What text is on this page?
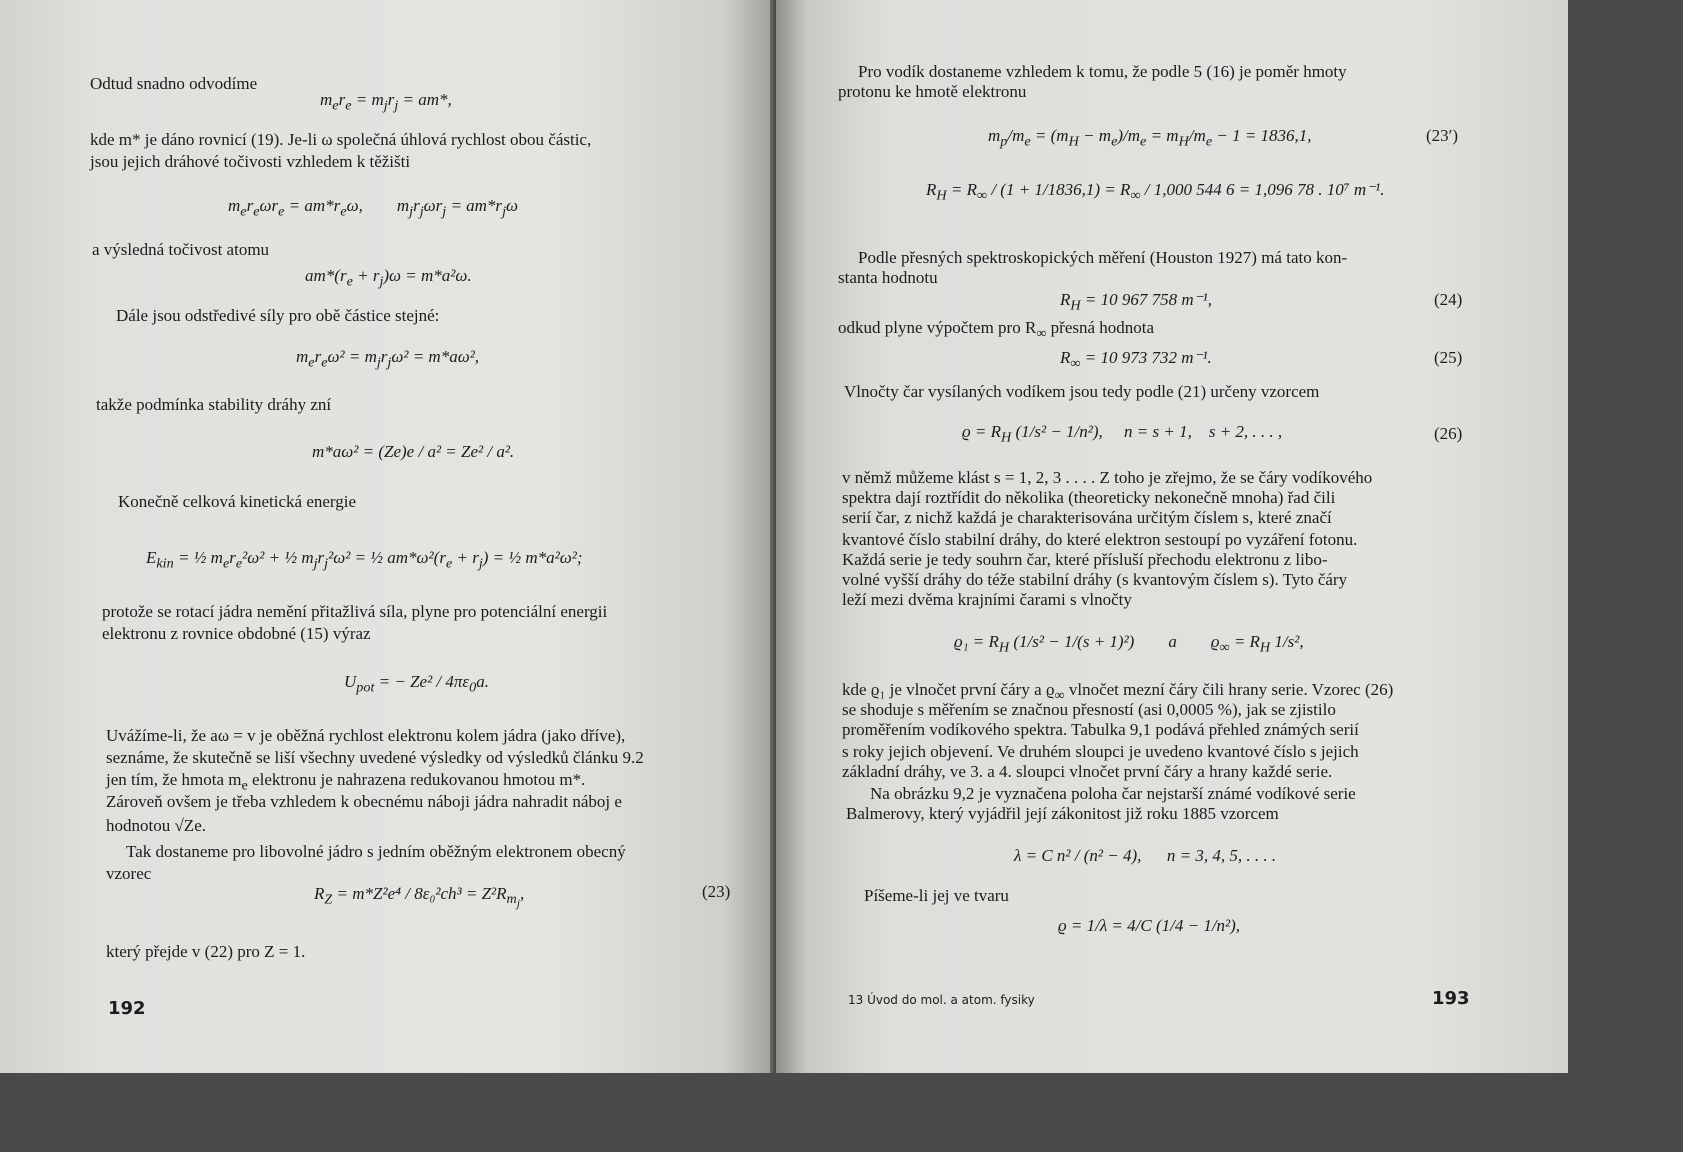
Odtud snadno odvodíme
$m_er_e = m_jr_j = am*$,
kde m* je dáno rovnicí (19). Je-li ω společná úhlová rychlost obou částic,
jsou jejich dráhové točivosti vzhledem k těžišti
$m_er_e\omega r_e = am*r_e\omega$,        $m_jr_j\omega r_j = am*r_j\omega$
a výsledná točivost atomu
$am*(r_e + r_j)\omega = m*a^2\omega$.
Dále jsou odstředivé síly pro obě částice stejné:
$m_er_e\omega^2 = m_jr_j\omega^2 = m*a\omega^2$,
takže podmínka stability dráhy zní
m*aω² = (Ze)e / a² = Ze² / a².
Konečně celková kinetická energie
$E_{kin}$ = ½ $m_er_e^2\omega^2$ + ½ $m_jr_j^2\omega^2$ = ½ $am*\omega^2(r_e + r_j)$ = ½ m*a²ω²;
protože se rotací jádra nemění přitažlivá síla, plyne pro potenciální energii
elektronu z rovnice obdobné (15) výraz
$U_{pot}$ = − $Ze^2 / 4\pi\varepsilon_0a$.
Uvážíme-li, že aω = v je oběžná rychlost elektronu kolem jádra (jako dříve),
seznáme, že skutečně se liší všechny uvedené výsledky od výsledků článku 9.2
jen tím, že hmota $m_e$ elektronu je nahrazena redukovanou hmotou m*.
Zároveň ovšem je třeba vzhledem k obecnému náboji jádra nahradit náboj e
hodnotou √Ze.
Tak dostaneme pro libovolné jádro s jedním oběžným elektronem obecný
vzorec
$R_Z = m*Z^2e^4 / 8\varepsilon_0^2ch^3 = Z^2R_{m_j}$,	(23)
který přejde v (22) pro Z = 1.
192
Pro vodík dostaneme vzhledem k tomu, že podle 5 (16) je poměr hmoty
protonu ke hmotě elektronu
$m_p/m_e = (m_H - m_e)/m_e = m_H/m_e - 1 = 1836,1$,	(23′)
$R_H = R_\infty / (1 + 1/1836,1) = R_\infty / 1,000$ 544 6 = 1,096 78 . 10⁷ m⁻¹.
Podle přesných spektroskopických měření (Houston 1927) má tato kon-
stanta hodnotu
$R_H = 10$ 967 758 m⁻¹,	(24)
odkud plyne výpočtem pro $R_\infty$ přesná hodnota
$R_\infty = 10$ 973 732 m⁻¹.	(25)
Vlnočty čar vysílaných vodíkem jsou tedy podle (21) určeny vzorcem
$ϱ = R_H$ (1/s² − 1/n²),     n = s + 1,    s + 2, . . . ,	(26)
v němž můžeme klást s = 1, 2, 3 . . . . Z toho je zřejmo, že se čáry vodíkového
spektra dají roztřídit do několika (theoreticky nekonečně mnoha) řad čili
serií čar, z nichž každá je charakterisována určitým číslem s, které značí
kvantové číslo stabilní dráhy, do které elektron sestoupí po vyzáření fotonu.
Každá serie je tedy souhrn čar, které přísluší přechodu elektronu z libo-
volné vyšší dráhy do téže stabilní dráhy (s kvantovým číslem s). Tyto čáry
leží mezi dvěma krajními čarami s vlnočty
$ϱ_1 = R_H$ (1/s² − 1/(s + 1)²)        a        $ϱ_\infty = R_H$ 1/s²,
kde ϱ₁ je vlnočet první čáry a $ϱ_\infty$ vlnočet mezní čáry čili hrany serie. Vzorec (26)
se shoduje s měřením se značnou přesností (asi 0,0005 %), jak se zjistilo
proměřením vodíkového spektra. Tabulka 9,1 podává přehled známých serií
s roky jejich objevení. Ve druhém sloupci je uvedeno kvantové číslo s jejich
základní dráhy, ve 3. a 4. sloupci vlnočet první čáry a hrany každé serie.
Na obrázku 9,2 je vyznačena poloha čar nejstarší známé vodíkové serie
Balmerovy, který vyjádřil její zákonitost již roku 1885 vzorcem
λ = C n² / (n² − 4),      n = 3, 4, 5, . . . .
Píšeme-li jej ve tvaru
ϱ = 1/λ = 4/C (1/4 − 1/n²),
13 Úvod do mol. a atom. fysiky	193
